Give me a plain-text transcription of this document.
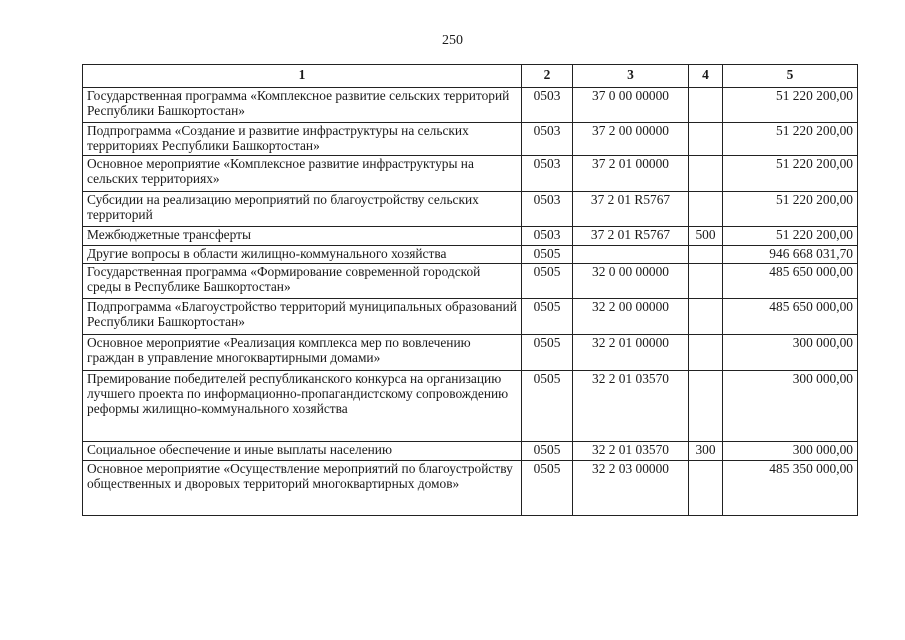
250
1	2	3	4	5
Государственная программа «Комплексное развитие сельских территорий Республики Башкортостан»	0503	37 0 00 00000		51 220 200,00
Подпрограмма «Создание и развитие инфраструктуры на сельских территориях Республики Башкортостан»	0503	37 2 00 00000		51 220 200,00
Основное мероприятие «Комплексное развитие инфраструктуры на сельских территориях»	0503	37 2 01 00000		51 220 200,00
Субсидии на реализацию мероприятий по благоустройству сельских территорий	0503	37 2 01 R5767		51 220 200,00
Межбюджетные трансферты	0503	37 2 01 R5767	500	51 220 200,00
Другие вопросы в области жилищно-коммунального хозяйства	0505			946 668 031,70
Государственная программа «Формирование современной городской среды в Республике Башкортостан»	0505	32 0 00 00000		485 650 000,00
Подпрограмма «Благоустройство территорий муниципальных образований Республики Башкортостан»	0505	32 2 00 00000		485 650 000,00
Основное мероприятие «Реализация комплекса мер по вовлечению граждан в управление многоквартирными домами»	0505	32 2 01 00000		300 000,00
Премирование победителей республиканского конкурса на организацию лучшего проекта по информационно-пропагандистскому сопровождению реформы жилищно-коммунального хозяйства	0505	32 2 01 03570		300 000,00
Социальное обеспечение и иные выплаты населению	0505	32 2 01 03570	300	300 000,00
Основное мероприятие «Осуществление мероприятий по благоустройству общественных и дворовых территорий многоквартирных домов»	0505	32 2 03 00000		485 350 000,00
